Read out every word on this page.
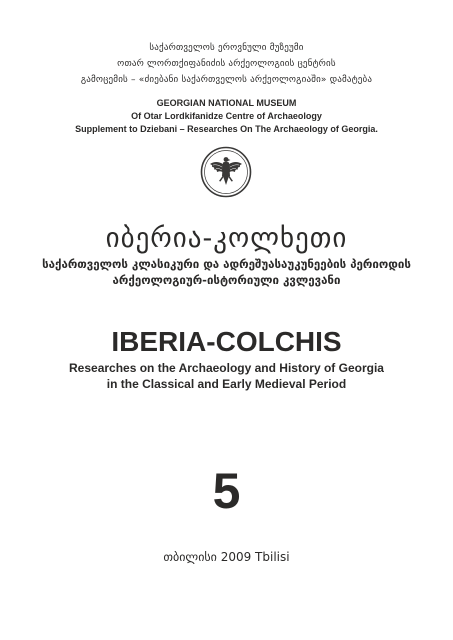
საქართველოს ეროვნული მუზეუმი
ოთარ ლორთქიფანიძის არქეოლოგიის ცენტრის
გამოცემის – «ძიებანი საქართველოს არქეოლოგიაში» დამატება
GEORGIAN NATIONAL MUSEUM
Of Otar Lordkifanidze Centre of Archaeology
Supplement to Dziebani – Researches On The Archaeology of Georgia.
იბერია-კოლხეთი
საქართველოს კლასიკური და ადრეშუასაუკუნეების პერიოდის
არქეოლოგიურ-ისტორიული კვლევანი
IBERIA-COLCHIS
Researches on the Archaeology and History of Georgia
in the Classical and Early Medieval Period
5
თბილისი 2009 Tbilisi
